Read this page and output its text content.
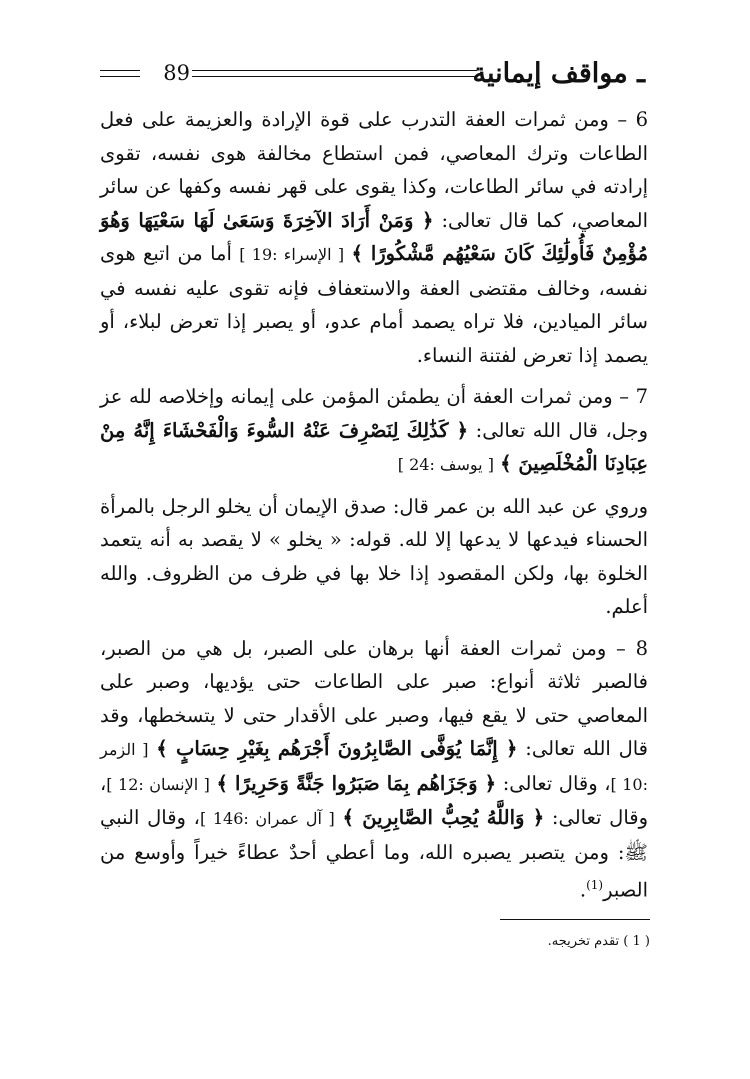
ـ مواقف إيمانية
89

6 – ومن ثمرات العفة التدرب على قوة الإرادة والعزيمة على فعل الطاعات وترك المعاصي، فمن استطاع مخالفة هوى نفسه، تقوى إرادته في سائر الطاعات، وكذا يقوى على قهر نفسه وكفها عن سائر المعاصي، كما قال تعالى: ﴿ وَمَنْ أَرَادَ الآخِرَةَ وَسَعَىٰ لَهَا سَعْيَهَا وَهُوَ مُؤْمِنٌ فَأُولَٰئِكَ كَانَ سَعْيُهُم مَّشْكُورًا ﴾ [ الإسراء :19 ] أما من اتبع هوى نفسه، وخالف مقتضى العفة والاستعفاف فإنه تقوى عليه نفسه في سائر الميادين، فلا تراه يصمد أمام عدو، أو يصبر إذا تعرض لبلاء، أو يصمد إذا تعرض لفتنة النساء.

7 – ومن ثمرات العفة أن يطمئن المؤمن على إيمانه وإخلاصه لله عز وجل، قال الله تعالى: ﴿ كَذَٰلِكَ لِنَصْرِفَ عَنْهُ السُّوءَ وَالْفَحْشَاءَ إِنَّهُ مِنْ عِبَادِنَا الْمُخْلَصِينَ ﴾ [ يوسف :24 ]

وروي عن عبد الله بن عمر قال: صدق الإيمان أن يخلو الرجل بالمرأة الحسناء فيدعها لا يدعها إلا لله. قوله: « يخلو » لا يقصد به أنه يتعمد الخلوة بها، ولكن المقصود إذا خلا بها في ظرف من الظروف. والله أعلم.

8 – ومن ثمرات العفة أنها برهان على الصبر، بل هي من الصبر، فالصبر ثلاثة أنواع: صبر على الطاعات حتى يؤديها، وصبر على المعاصي حتى لا يقع فيها، وصبر على الأقدار حتى لا يتسخطها، وقد قال الله تعالى: ﴿ إِنَّمَا يُوَفَّى الصَّابِرُونَ أَجْرَهُم بِغَيْرِ حِسَابٍ ﴾ [ الزمر :10 ]، وقال تعالى: ﴿ وَجَزَاهُم بِمَا صَبَرُوا جَنَّةً وَحَرِيرًا ﴾ [ الإنسان :12 ]، وقال تعالى: ﴿ وَاللَّهُ يُحِبُّ الصَّابِرِينَ ﴾ [ آل عمران :146 ]، وقال النبي ﷺ: ومن يتصبر يصبره الله، وما أعطي أحدٌ عطاءً خيراً وأوسع من الصبر$^{(1)}$.

( 1 ) تقدم تخريجه.
